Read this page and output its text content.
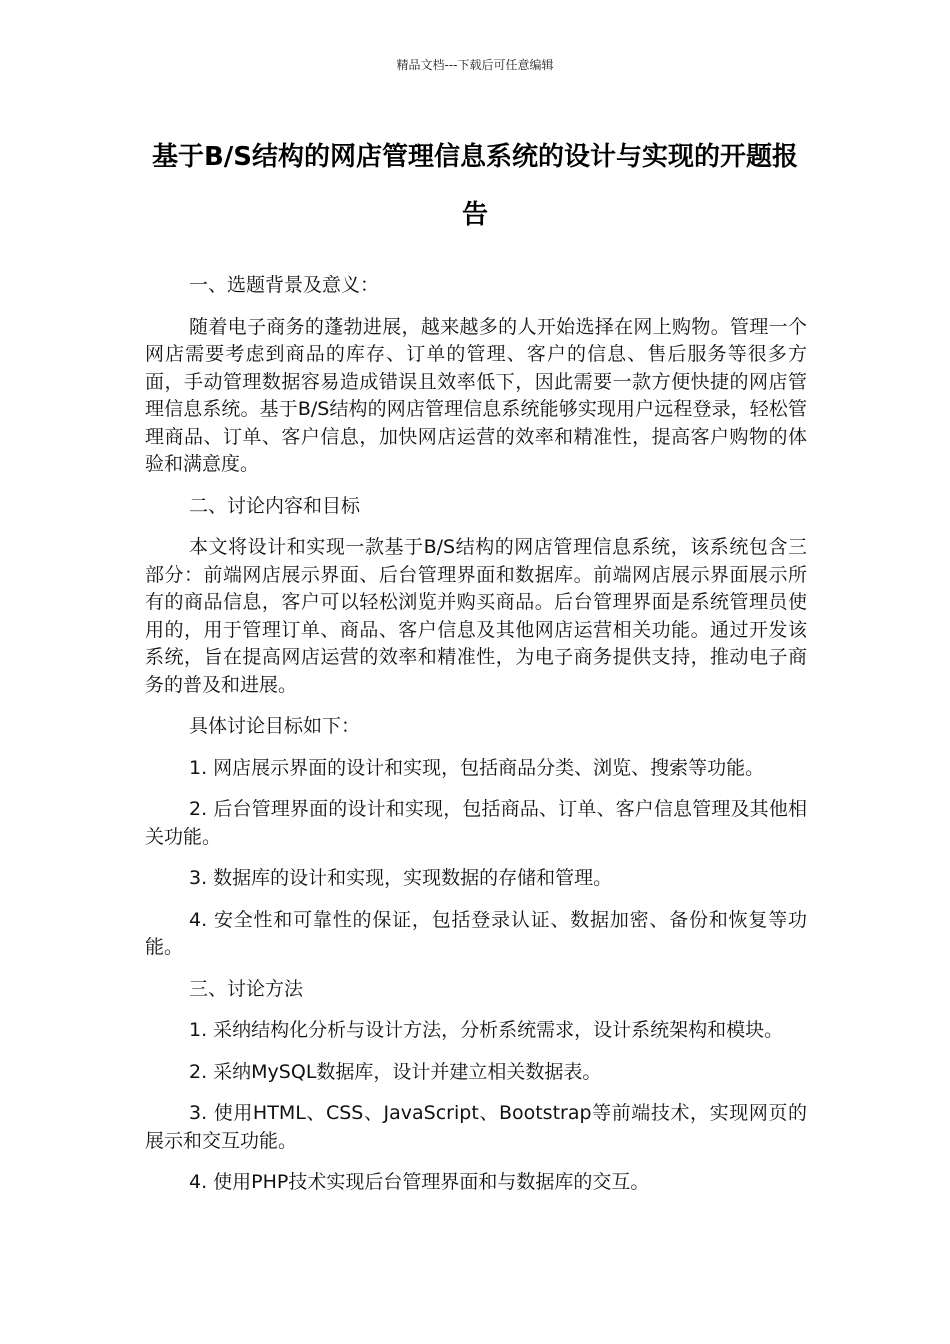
精品文档---下载后可任意编辑
基于B/S结构的网店管理信息系统的设计与实现的开题报告

一、选题背景及意义：

随着电子商务的蓬勃进展，越来越多的人开始选择在网上购物。管理一个网店需要考虑到商品的库存、订单的管理、客户的信息、售后服务等很多方面，手动管理数据容易造成错误且效率低下，因此需要一款方便快捷的网店管理信息系统。基于B/S结构的网店管理信息系统能够实现用户远程登录，轻松管理商品、订单、客户信息，加快网店运营的效率和精准性，提高客户购物的体验和满意度。

二、讨论内容和目标

本文将设计和实现一款基于B/S结构的网店管理信息系统，该系统包含三部分：前端网店展示界面、后台管理界面和数据库。前端网店展示界面展示所有的商品信息，客户可以轻松浏览并购买商品。后台管理界面是系统管理员使用的，用于管理订单、商品、客户信息及其他网店运营相关功能。通过开发该系统，旨在提高网店运营的效率和精准性，为电子商务提供支持，推动电子商务的普及和进展。

具体讨论目标如下：

1. 网店展示界面的设计和实现，包括商品分类、浏览、搜索等功能。

2. 后台管理界面的设计和实现，包括商品、订单、客户信息管理及其他相关功能。

3. 数据库的设计和实现，实现数据的存储和管理。

4. 安全性和可靠性的保证，包括登录认证、数据加密、备份和恢复等功能。

三、讨论方法

1. 采纳结构化分析与设计方法，分析系统需求，设计系统架构和模块。

2. 采纳MySQL数据库，设计并建立相关数据表。

3. 使用HTML、CSS、JavaScript、Bootstrap等前端技术，实现网页的展示和交互功能。

4. 使用PHP技术实现后台管理界面和与数据库的交互。
